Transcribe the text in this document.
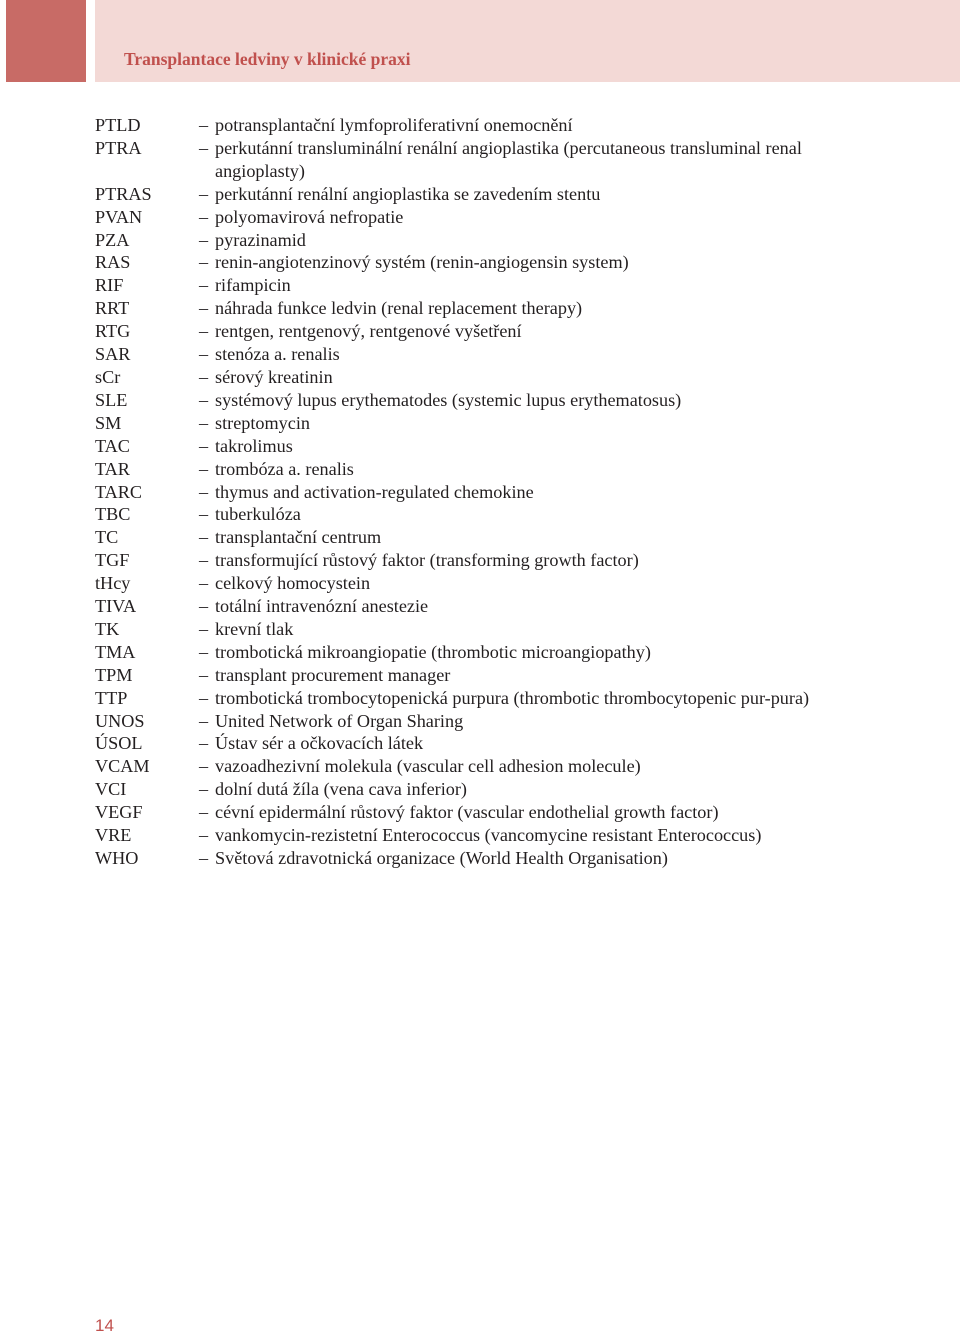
Transplantace ledviny v klinické praxi
PTLD	– potransplantační lymfoproliferativní onemocnění
PTRA	– perkutánní transluminální renální angioplastika (percutaneous transluminal renal angioplasty)
PTRAS	– perkutánní renální angioplastika se zavedením stentu
PVAN	– polyomavirová nefropatie
PZA	– pyrazinamid
RAS	– renin-angiotenzinový systém (renin-angiogensin system)
RIF	– rifampicin
RRT	– náhrada funkce ledvin (renal replacement therapy)
RTG	– rentgen, rentgenový, rentgenové vyšetření
SAR	– stenóza a. renalis
sCr	– sérový kreatinin
SLE	– systémový lupus erythematodes (systemic lupus erythematosus)
SM	– streptomycin
TAC	– takrolimus
TAR	– trombóza a. renalis
TARC	– thymus and activation-regulated chemokine
TBC	– tuberkulóza
TC	– transplantační centrum
TGF	– transformující růstový faktor (transforming growth factor)
tHcy	– celkový homocystein
TIVA	– totální intravenózní anestezie
TK	– krevní tlak
TMA	– trombotická mikroangiopatie (thrombotic microangiopathy)
TPM	– transplant procurement manager
TTP	– trombotická trombocytopenická purpura (thrombotic thrombocytopenic pur-pura)
UNOS	– United Network of Organ Sharing
ÚSOL	– Ústav sér a očkovacích látek
VCAM	– vazoadhezivní molekula (vascular cell adhesion molecule)
VCI	– dolní dutá žíla (vena cava inferior)
VEGF	– cévní epidermální růstový faktor (vascular endothelial growth factor)
VRE	– vankomycin-rezistetní Enterococcus (vancomycine resistant Enterococcus)
WHO	– Světová zdravotnická organizace (World Health Organisation)
14
